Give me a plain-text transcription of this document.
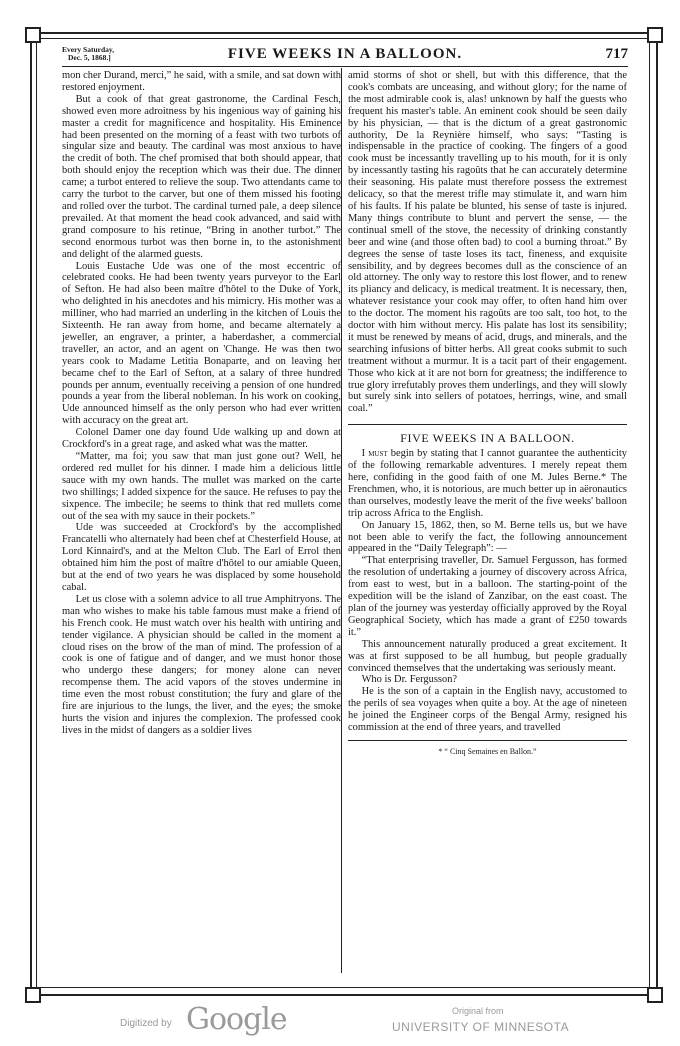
Every Saturday,
Dec. 5, 1868.]	FIVE WEEKS IN A BALLOON.	717

mon cher Durand, merci,” he said, with a smile, and sat down with restored enjoyment.

But a cook of that great gastronome, the Cardinal Fesch, showed even more adroitness by his ingenious way of gaining his master a credit for magnificence and hospitality. His Eminence had been presented on the morning of a feast with two turbots of singular size and beauty. The cardinal was most anxious to have the credit of both. The chef promised that both should appear, that both should enjoy the reception which was their due. The dinner came; a turbot entered to relieve the soup. Two attendants came to carry the turbot to the carver, but one of them missed his footing and rolled over the turbot. The cardinal turned pale, a deep silence prevailed. At that moment the head cook advanced, and said with grand composure to his retinue, “Bring in another turbot.” The second enormous turbot was then borne in, to the astonishment and delight of the alarmed guests.

Louis Eustache Ude was one of the most eccentric of celebrated cooks. He had been twenty years purveyor to the Earl of Sefton. He had also been maître d'hôtel to the Duke of York, who delighted in his anecdotes and his mimicry. His mother was a milliner, who had married an underling in the kitchen of Louis the Sixteenth. He ran away from home, and became alternately a jeweller, an engraver, a printer, a haberdasher, a commercial traveller, an actor, and an agent on 'Change. He was then two years cook to Madame Letitia Bonaparte, and on leaving her became chef to the Earl of Sefton, at a salary of three hundred pounds per annum, eventually receiving a pension of one hundred pounds a year from the liberal nobleman. In his work on cooking, Ude announced himself as the only person who had ever written with accuracy on the great art.

Colonel Damer one day found Ude walking up and down at Crockford's in a great rage, and asked what was the matter.

“Matter, ma foi; you saw that man just gone out? Well, he ordered red mullet for his dinner. I made him a delicious little sauce with my own hands. The mullet was marked on the carte two shillings; I added sixpence for the sauce. He refuses to pay the sixpence. The imbecile; he seems to think that red mullets come out of the sea with my sauce in their pockets.”

Ude was succeeded at Crockford's by the accomplished Francatelli who alternately had been chef at Chesterfield House, at Lord Kinnaird's, and at the Melton Club. The Earl of Errol then obtained him him the post of maître d'hôtel to our amiable Queen, but at the end of two years he was displaced by some household cabal.

Let us close with a solemn advice to all true Amphitryons. The man who wishes to make his table famous must make a friend of his French cook. He must watch over his health with untiring and tender vigilance. A physician should be called in the moment a cloud rises on the brow of the man of mind. The profession of a cook is one of fatigue and of danger, and we must honor those who undergo these dangers; for money alone can never recompense them. The acid vapors of the stoves undermine in time even the most robust constitution; the fury and glare of the fire are injurious to the lungs, the liver, and the eyes; the smoke hurts the vision and injures the complexion. The professed cook lives in the midst of dangers as a soldier lives

amid storms of shot or shell, but with this difference, that the cook's combats are unceasing, and without glory; for the name of the most admirable cook is, alas! unknown by half the guests who frequent his master's table. An eminent cook should be seen daily by his physician, — that is the dictum of a great gastronomic authority, De la Reynière himself, who says: “Tasting is indispensable in the practice of cooking. The fingers of a good cook must be incessantly travelling up to his mouth, for it is only by incessantly tasting his ragoûts that he can accurately determine their seasoning. His palate must therefore possess the extremest delicacy, so that the merest trifle may stimulate it, and warn him of his faults. If his palate be blunted, his sense of taste is injured. Many things contribute to blunt and pervert the sense, — the continual smell of the stove, the necessity of drinking constantly beer and wine (and those often bad) to cool a burning throat.” By degrees the sense of taste loses its tact, fineness, and exquisite sensibility, and by degrees becomes dull as the conscience of an old attorney. The only way to restore this lost flower, and to renew its pliancy and delicacy, is medical treatment. It is necessary, then, whatever resistance your cook may offer, to often hand him over to the doctor. The moment his ragoûts are too salt, too hot, to the doctor with him without mercy. His palate has lost its sensibility; it must be renewed by means of acid, drugs, and minerals, and the searching infusions of bitter herbs. All great cooks submit to such treatment without a murmur. It is a tacit part of their engagement. Those who kick at it are not born for greatness; the indifference to true glory irrefutably proves them underlings, and they will slowly but surely sink into sellers of potatoes, herrings, wine, and small coal.”

FIVE WEEKS IN A BALLOON.

I must begin by stating that I cannot guarantee the authenticity of the following remarkable adventures. I merely repeat them here, confiding in the good faith of one M. Jules Berne.* The Frenchmen, who, it is notorious, are much better up in aëronautics than ourselves, modestly leave the merit of the five weeks' balloon trip across Africa to the English.

On January 15, 1862, then, so M. Berne tells us, but we have not been able to verify the fact, the following announcement appeared in the “Daily Telegraph”: —

“That enterprising traveller, Dr. Samuel Fergusson, has formed the resolution of undertaking a journey of discovery across Africa, from east to west, but in a balloon. The starting-point of the expedition will be the island of Zanzibar, on the east coast. The plan of the journey was yesterday officially approved by the Royal Geographical Society, which has made a grant of £250 towards it.”

This announcement naturally produced a great excitement. It was at first supposed to be all humbug, but people gradually convinced themselves that the undertaking was seriously meant.

Who is Dr. Fergusson?

He is the son of a captain in the English navy, accustomed to the perils of sea voyages when quite a boy. At the age of nineteen he joined the Engineer corps of the Bengal Army, resigned his commission at the end of three years, and travelled

* “ Cinq Semaines en Ballon.”
Digitized by Google	Original from
UNIVERSITY OF MINNESOTA
